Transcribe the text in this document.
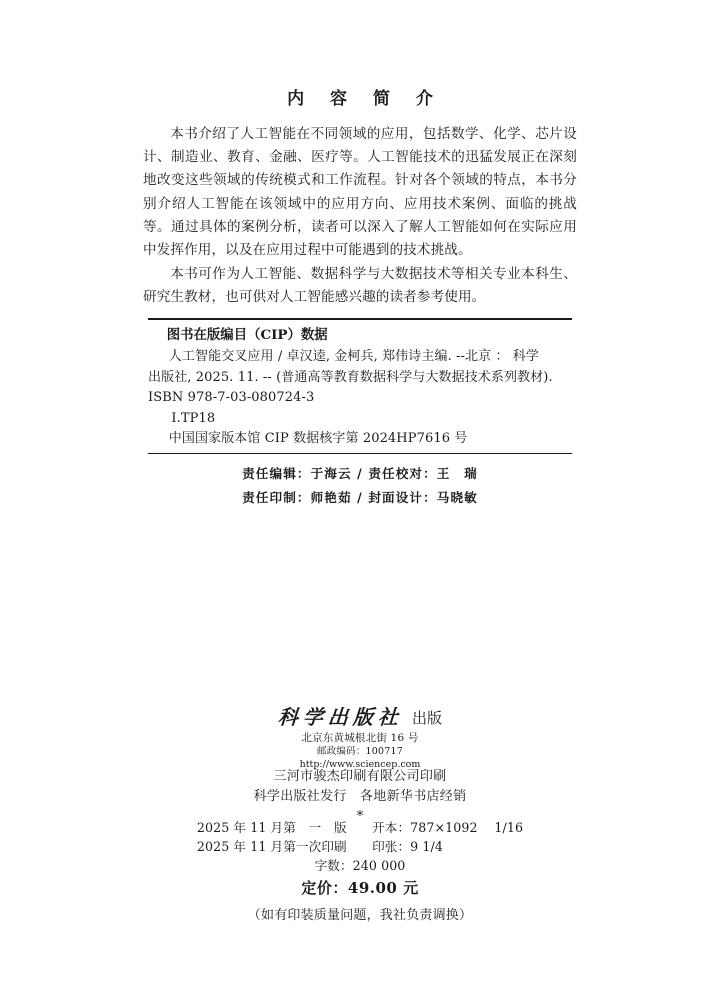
内 容 简 介

本书介绍了人工智能在不同领域的应用，包括数学、化学、芯片设计、制造业、教育、金融、医疗等。人工智能技术的迅猛发展正在深刻地改变这些领域的传统模式和工作流程。针对各个领域的特点，本书分别介绍人工智能在该领域中的应用方向、应用技术案例、面临的挑战等。通过具体的案例分析，读者可以深入了解人工智能如何在实际应用中发挥作用，以及在应用过程中可能遇到的技术挑战。

本书可作为人工智能、数据科学与大数据技术等相关专业本科生、研究生教材，也可供对人工智能感兴趣的读者参考使用。

图书在版编目（CIP）数据
人工智能交叉应用 / 卓汉逵, 金柯兵, 郑伟诗主编. --北京 ： 科学
出版社, 2025. 11. -- (普通高等教育数据科学与大数据技术系列教材).
ISBN 978-7-03-080724-3
Ⅰ.TP18
中国国家版本馆 CIP 数据核字第 2024HP7616 号
责任编辑：于海云 / 责任校对：王　瑞
责任印制：师艳茹 / 封面设计：马晓敏
科学出版社 出版
北京东黄城根北街 16 号
邮政编码：100717
http://www.sciencep.com
三河市骏杰印刷有限公司印刷
科学出版社发行　各地新华书店经销
*
2025 年 11 月第　一　版　　开本：787×1092　 1/16
2025 年 11 月第一次印刷　　印张：9 1/4
字数：240 000
定价：49.00 元
（如有印装质量问题，我社负责调换）
